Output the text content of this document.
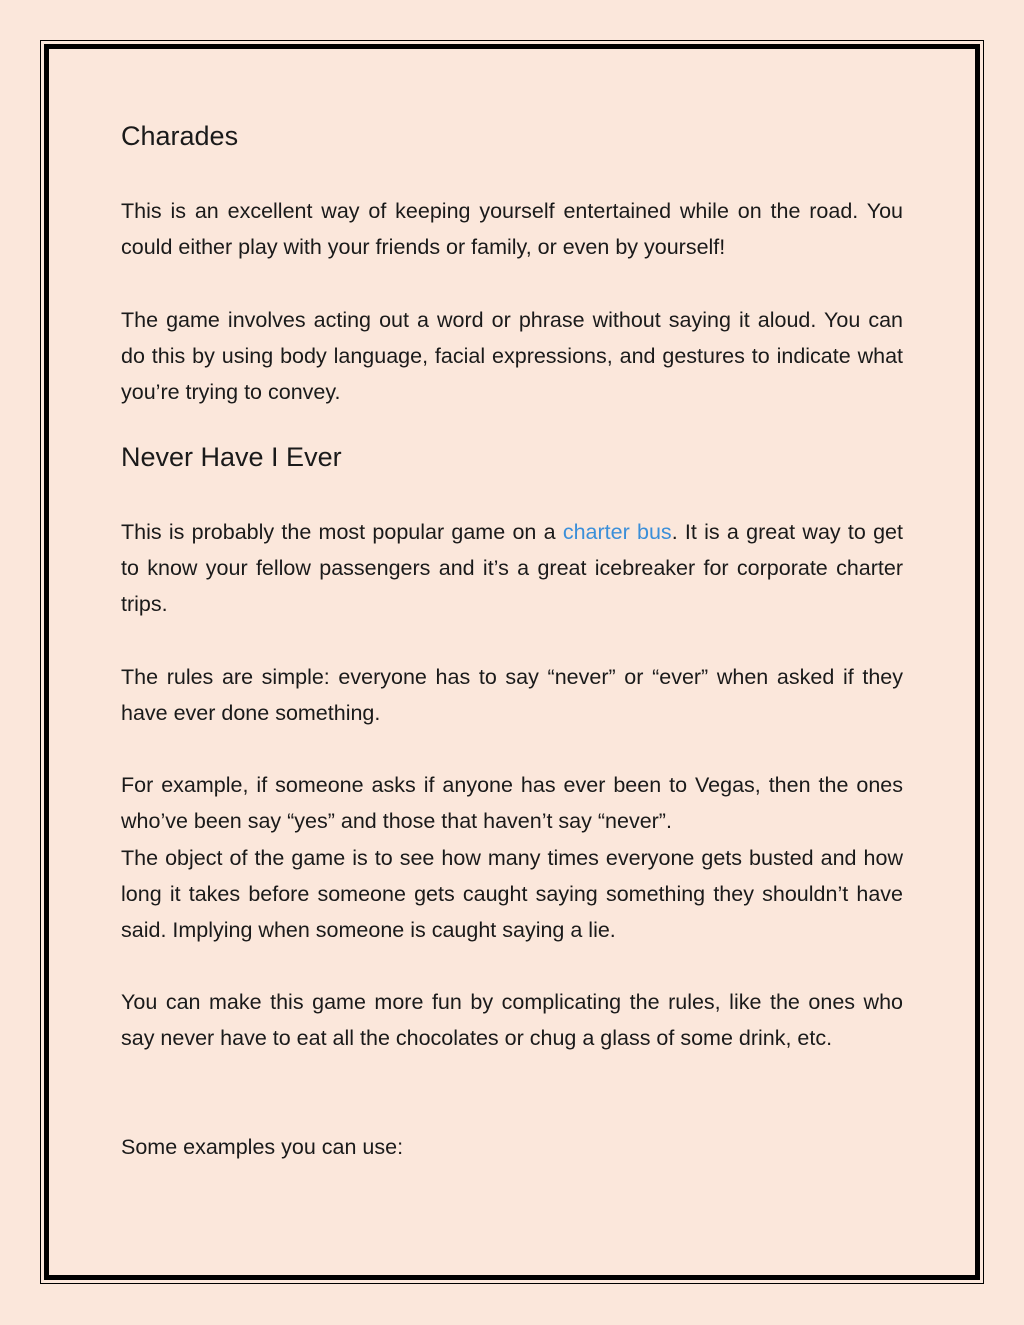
Charades

This is an excellent way of keeping yourself entertained while on the road. You could either play with your friends or family, or even by yourself!

The game involves acting out a word or phrase without saying it aloud. You can do this by using body language, facial expressions, and gestures to indicate what you’re trying to convey.

Never Have I Ever

This is probably the most popular game on a charter bus. It is a great way to get to know your fellow passengers and it’s a great icebreaker for corporate charter trips.

The rules are simple: everyone has to say “never” or “ever” when asked if they have ever done something.

For example, if someone asks if anyone has ever been to Vegas, then the ones who’ve been say “yes” and those that haven’t say “never”.

The object of the game is to see how many times everyone gets busted and how long it takes before someone gets caught saying something they shouldn’t have said. Implying when someone is caught saying a lie.

You can make this game more fun by complicating the rules, like the ones who say never have to eat all the chocolates or chug a glass of some drink, etc.

Some examples you can use:
